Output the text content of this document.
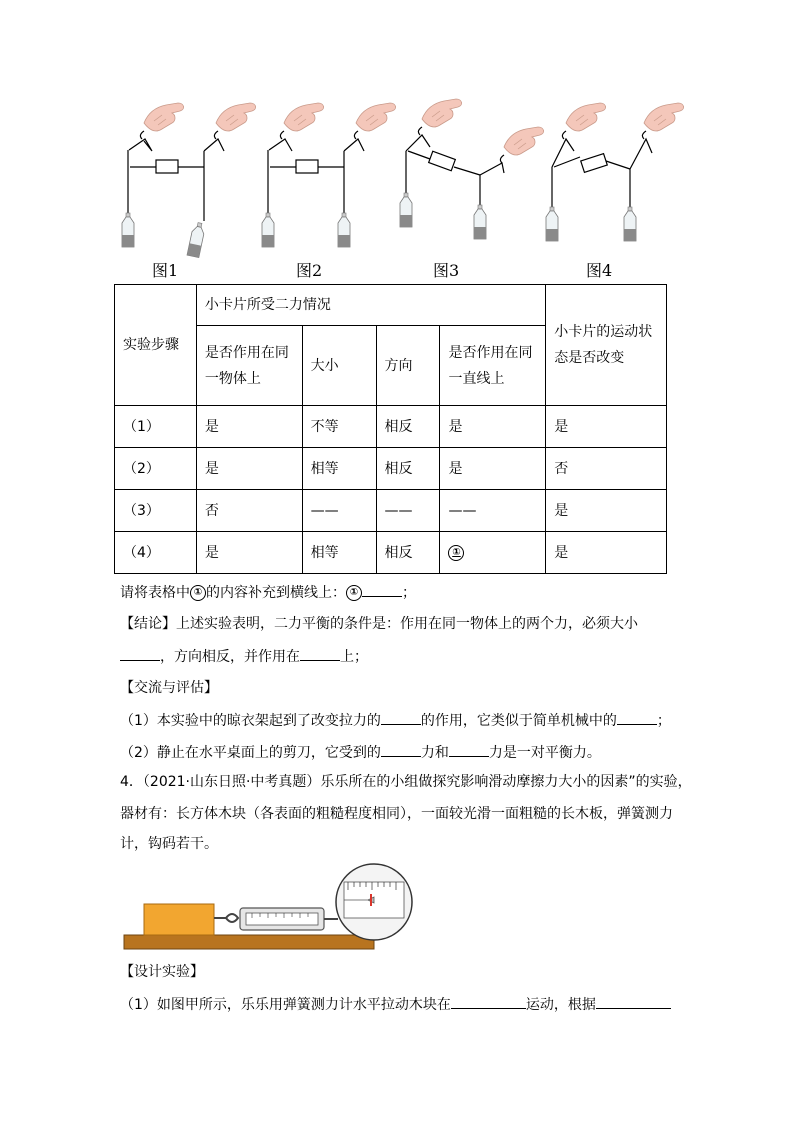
图1	图2	图3	图4
实验步骤	小卡片所受二力情况				小卡片的运动状态是否改变
	是否作用在同一物体上	大小	方向	是否作用在同一直线上	
（1）	是	不等	相反	是	是
（2）	是	相等	相反	是	否
（3）	否	——	——	——	是
（4）	是	相等	相反	①	是
请将表格中 ① 的内容补充到横线上： ①	；
【结论】上述实验表明，二力平衡的条件是：作用在同一物体上的两个力，必须大小
，方向相反，并作用在	上；
【交流与评估】
（1）本实验中的晾衣架起到了改变拉力的	的作用，它类似于简单机械中的	；
（2）静止在水平桌面上的剪刀，它受到的	力和	力是一对平衡力。
4．（2021·山东日照·中考真题）乐乐所在的小组做探究影响滑动摩擦力大小的因素”的实验，
器材有：长方体木块（各表面的粗糙程度相同），一面较光滑一面粗糙的长木板，弹簧测力
计，钩码若干。
【设计实验】
（1）如图甲所示，乐乐用弹簧测力计水平拉动木块在	运动，根据
